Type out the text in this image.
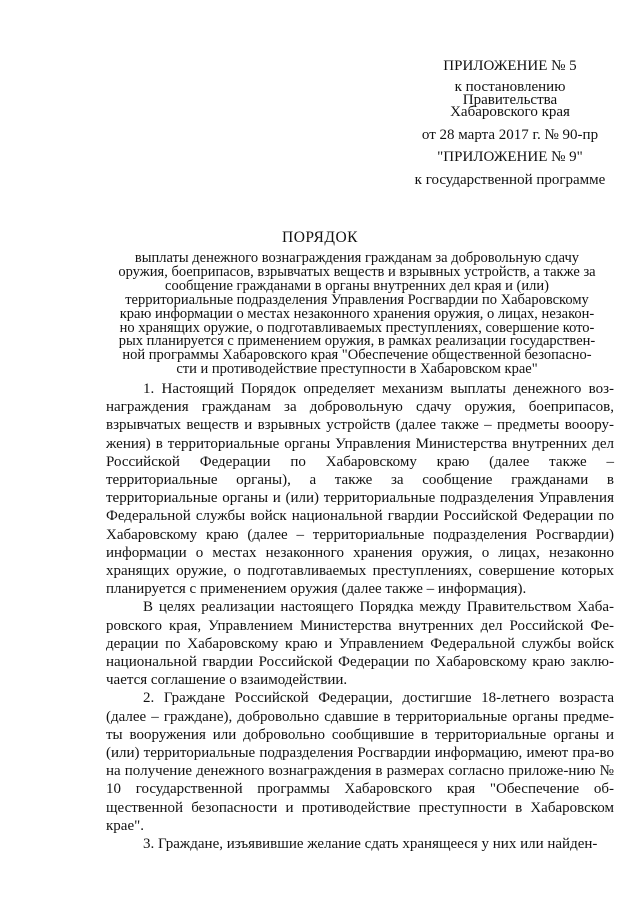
ПРИЛОЖЕНИЕ № 5
к постановлению
Правительства
Хабаровского края
от 28 марта 2017 г. № 90-пр
"ПРИЛОЖЕНИЕ № 9"
к государственной программе
ПОРЯДОК
выплаты денежного вознаграждения гражданам за добровольную сдачу
оружия, боеприпасов, взрывчатых веществ и взрывных устройств, а также за
сообщение гражданами в органы внутренних дел края и (или)
территориальные подразделения Управления Росгвардии по Хабаровскому
краю информации о местах незаконного хранения оружия, о лицах, незакон-
но хранящих оружие, о подготавливаемых преступлениях, совершение кото-
рых планируется с применением оружия, в рамках реализации государствен-
ной программы Хабаровского края "Обеспечение общественной безопасно-
сти и противодействие преступности в Хабаровском крае"

1. Настоящий Порядок определяет механизм выплаты денежного воз-награждения гражданам за добровольную сдачу оружия, боеприпасов, взрывчатых веществ и взрывных устройств (далее также – предметы вооору-жения) в территориальные органы Управления Министерства внутренних дел Российской Федерации по Хабаровскому краю (далее также – территориальные органы), а также за сообщение гражданами в территориальные органы и (или) территориальные подразделения Управления Федеральной службы войск национальной гвардии Российской Федерации по Хабаровскому краю (далее – территориальные подразделения Росгвардии) информации о местах незаконного хранения оружия, о лицах, незаконно хранящих оружие, о подготавливаемых преступлениях, совершение которых планируется с применением оружия (далее также – информация).

В целях реализации настоящего Порядка между Правительством Хаба-ровского края, Управлением Министерства внутренних дел Российской Фе-дерации по Хабаровскому краю и Управлением Федеральной службы войск национальной гвардии Российской Федерации по Хабаровскому краю заклю-чается соглашение о взаимодействии.

2. Граждане Российской Федерации, достигшие 18-летнего возраста (далее – граждане), добровольно сдавшие в территориальные органы предме-ты вооружения или добровольно сообщившие в территориальные органы и (или) территориальные подразделения Росгвардии информацию, имеют пра-во на получение денежного вознаграждения в размерах согласно приложе-нию № 10 государственной программы Хабаровского края "Обеспечение об-щественной безопасности и противодействие преступности в Хабаровском крае".

3. Граждане, изъявившие желание сдать хранящееся у них или найден-
